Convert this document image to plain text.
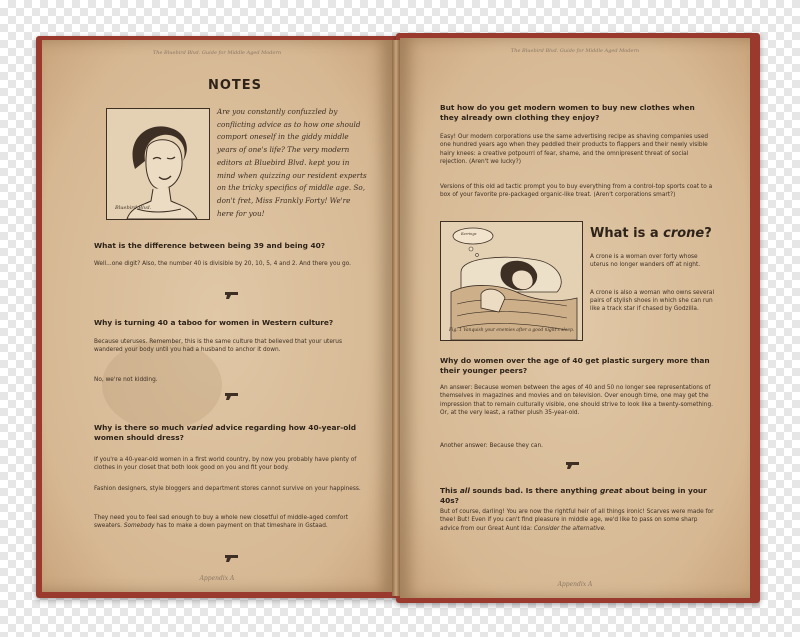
The Bluebird Blvd. Guide for Middle Aged Modern
NOTES
Bluebird Blvd.
Are you constantly confuzzled by conflicting advice as to how one should comport oneself in the giddy middle years of one's life? The very modern editors at Bluebird Blvd. kept you in mind when quizzing our resident experts on the tricky specifics of middle age. So, don't fret, Miss Frankly Forty! We're here for you!
What is the difference between being 39 and being 40?
Well...one digit? Also, the number 40 is divisible by 20, 10, 5, 4 and 2. And there you go.
Why is turning 40 a taboo for women in Western culture?
Because uteruses. Remember, this is the same culture that believed that your uterus wandered your body until you had a husband to anchor it down.
No, we're not kidding.
Why is there so much varied advice regarding how 40-year-old women should dress?
If you're a 40-year-old women in a first world country, by now you probably have plenty of clothes in your closet that both look good on you and fit your body.
Fashion designers, style bloggers and department stores cannot survive on your happiness.
They need you to feel sad enough to buy a whole new closetful of middle-aged comfort sweaters. Somebody has to make a down payment on that timeshare in Gstaad.
Appendix A
The Bluebird Blvd. Guide for Middle Aged Modern
But how do you get modern women to buy new clothes when they already own clothing they enjoy?
Easy! Our modern corporations use the same advertising recipe as shaving companies used one hundred years ago when they peddled their products to flappers and their newly visible hairy knees: a creative potpourri of fear, shame, and the omnipresent threat of social rejection. (Aren't we lucky?)
Versions of this old ad tactic prompt you to buy everything from a control-top sports coat to a box of your favorite pre-packaged organic-like treat. (Aren't corporations smart?)
Earrings
Fig. 1 Vanquish your enemies after a good night's sleep.
What is a crone?
A crone is a woman over forty whose uterus no longer wanders off at night.
A crone is also a woman who owns several pairs of stylish shoes in which she can run like a track star if chased by Godzilla.
Why do women over the age of 40 get plastic surgery more than their younger peers?
An answer: Because women between the ages of 40 and 50 no longer see representations of themselves in magazines and movies and on television. Over enough time, one may get the impression that to remain culturally visible, one should strive to look like a twenty-something. Or, at the very least, a rather plush 35-year-old.
Another answer: Because they can.
This all sounds bad. Is there anything great about being in your 40s?
But of course, darling! You are now the rightful heir of all things ironic! Scarves were made for thee! But! Even if you can't find pleasure in middle age, we'd like to pass on some sharp advice from our Great Aunt Ida: Consider the alternative.
Appendix A
